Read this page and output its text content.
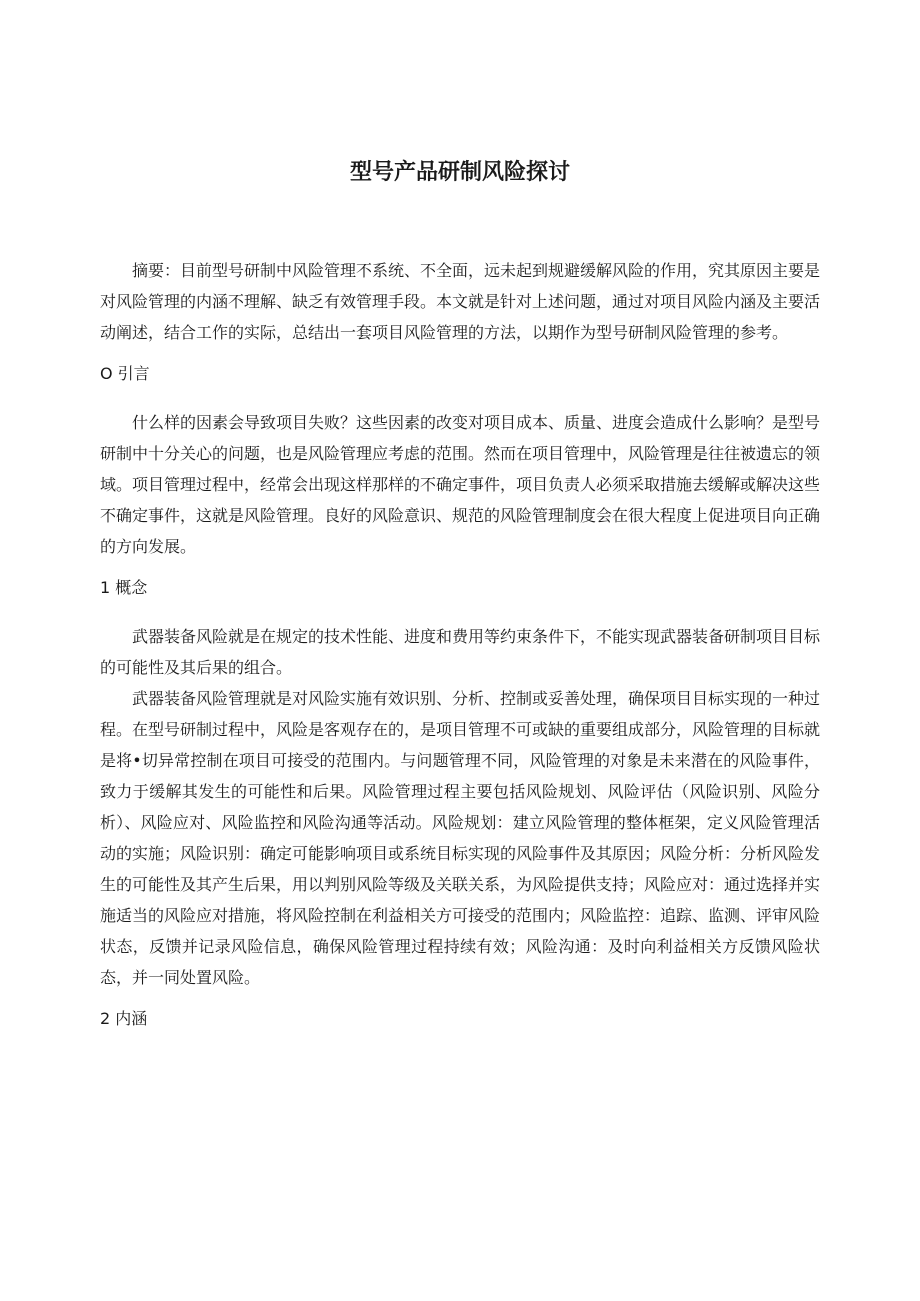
型号产品研制风险探讨

摘要：目前型号研制中风险管理不系统、不全面，远未起到规避缓解风险的作用，究其原因主要是对风险管理的内涵不理解、缺乏有效管理手段。本文就是针对上述问题，通过对项目风险内涵及主要活动阐述，结合工作的实际，总结出一套项目风险管理的方法，以期作为型号研制风险管理的参考。

O 引言

什么样的因素会导致项目失败？这些因素的改变对项目成本、质量、进度会造成什么影响？是型号研制中十分关心的问题，也是风险管理应考虑的范围。然而在项目管理中，风险管理是往往被遗忘的领域。项目管理过程中，经常会出现这样那样的不确定事件，项目负责人必须采取措施去缓解或解决这些不确定事件，这就是风险管理。良好的风险意识、规范的风险管理制度会在很大程度上促进项目向正确的方向发展。

1 概念

武器装备风险就是在规定的技术性能、进度和费用等约束条件下，不能实现武器装备研制项目目标的可能性及其后果的组合。

武器装备风险管理就是对风险实施有效识别、分析、控制或妥善处理，确保项目目标实现的一种过程。在型号研制过程中，风险是客观存在的，是项目管理不可或缺的重要组成部分，风险管理的目标就是将•切异常控制在项目可接受的范围内。与问题管理不同，风险管理的对象是未来潜在的风险事件，致力于缓解其发生的可能性和后果。风险管理过程主要包括风险规划、风险评估（风险识别、风险分析）、风险应对、风险监控和风险沟通等活动。风险规划：建立风险管理的整体框架，定义风险管理活动的实施；风险识别：确定可能影响项目或系统目标实现的风险事件及其原因；风险分析：分析风险发生的可能性及其产生后果，用以判别风险等级及关联关系，为风险提供支持；风险应对：通过选择并实施适当的风险应对措施，将风险控制在利益相关方可接受的范围内；风险监控：追踪、监测、评审风险状态，反馈并记录风险信息，确保风险管理过程持续有效；风险沟通：及时向利益相关方反馈风险状态，并一同处置风险。

2 内涵
